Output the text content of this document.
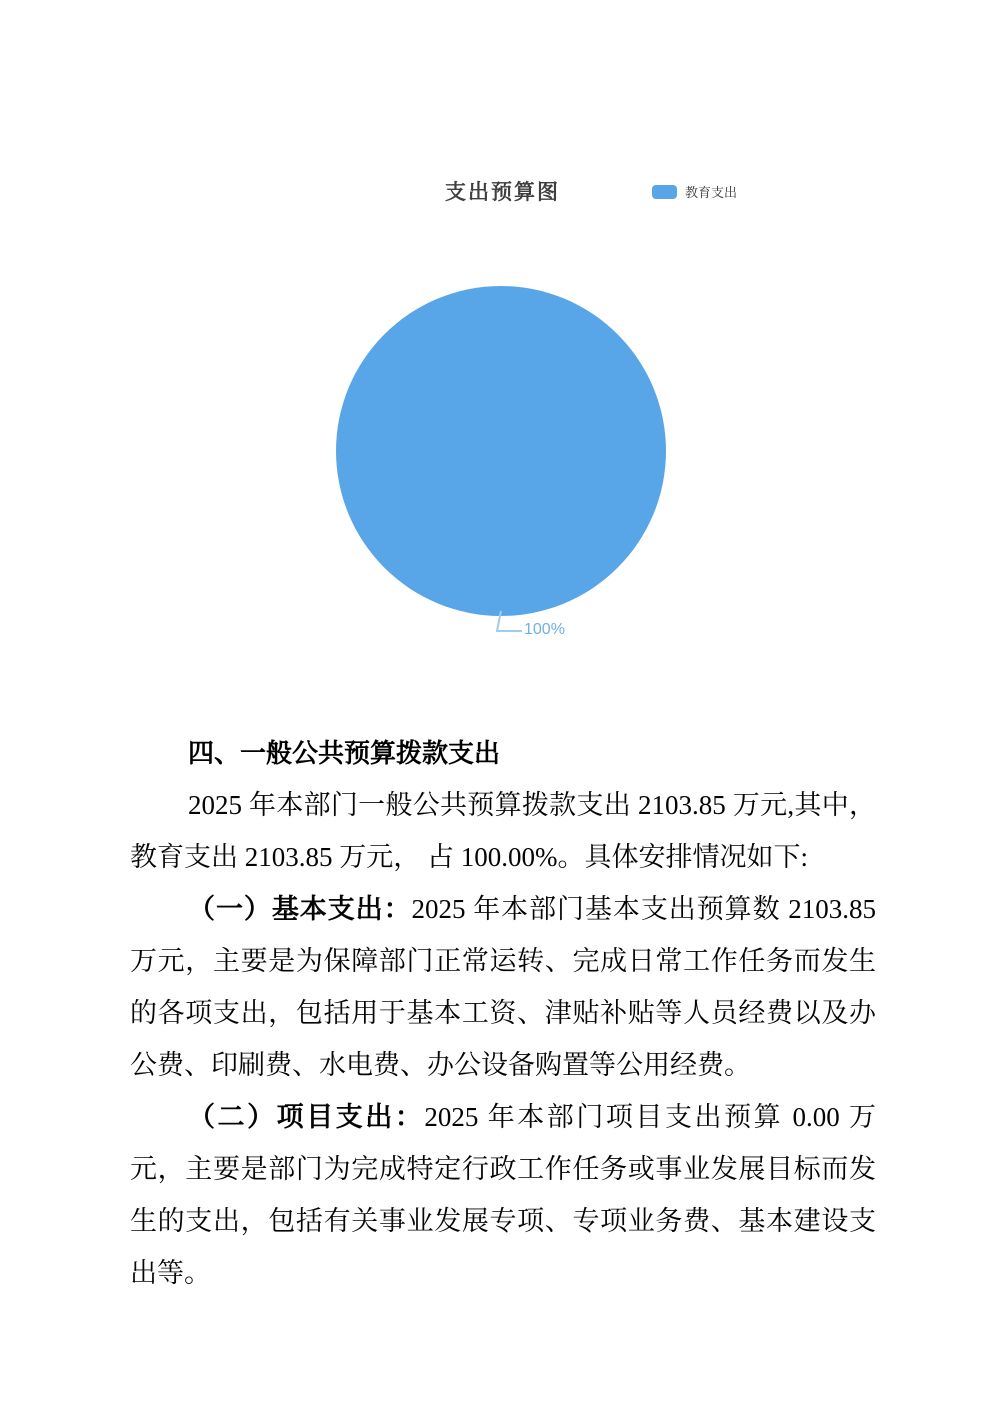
支出预算图	教育支出
100%
四、一般公共预算拨款支出

2025 年本部门一般公共预算拨款支出 2103.85 万元,其中，教育支出 2103.85 万元， 占 100.00%。具体安排情况如下:

（一）基本支出：2025 年本部门基本支出预算数 2103.85 万元，主要是为保障部门正常运转、完成日常工作任务而发生的各项支出，包括用于基本工资、津贴补贴等人员经费以及办公费、印刷费、水电费、办公设备购置等公用经费。

（二）项目支出：2025 年本部门项目支出预算 0.00 万元，主要是部门为完成特定行政工作任务或事业发展目标而发生的支出，包括有关事业发展专项、专项业务费、基本建设支出等。
